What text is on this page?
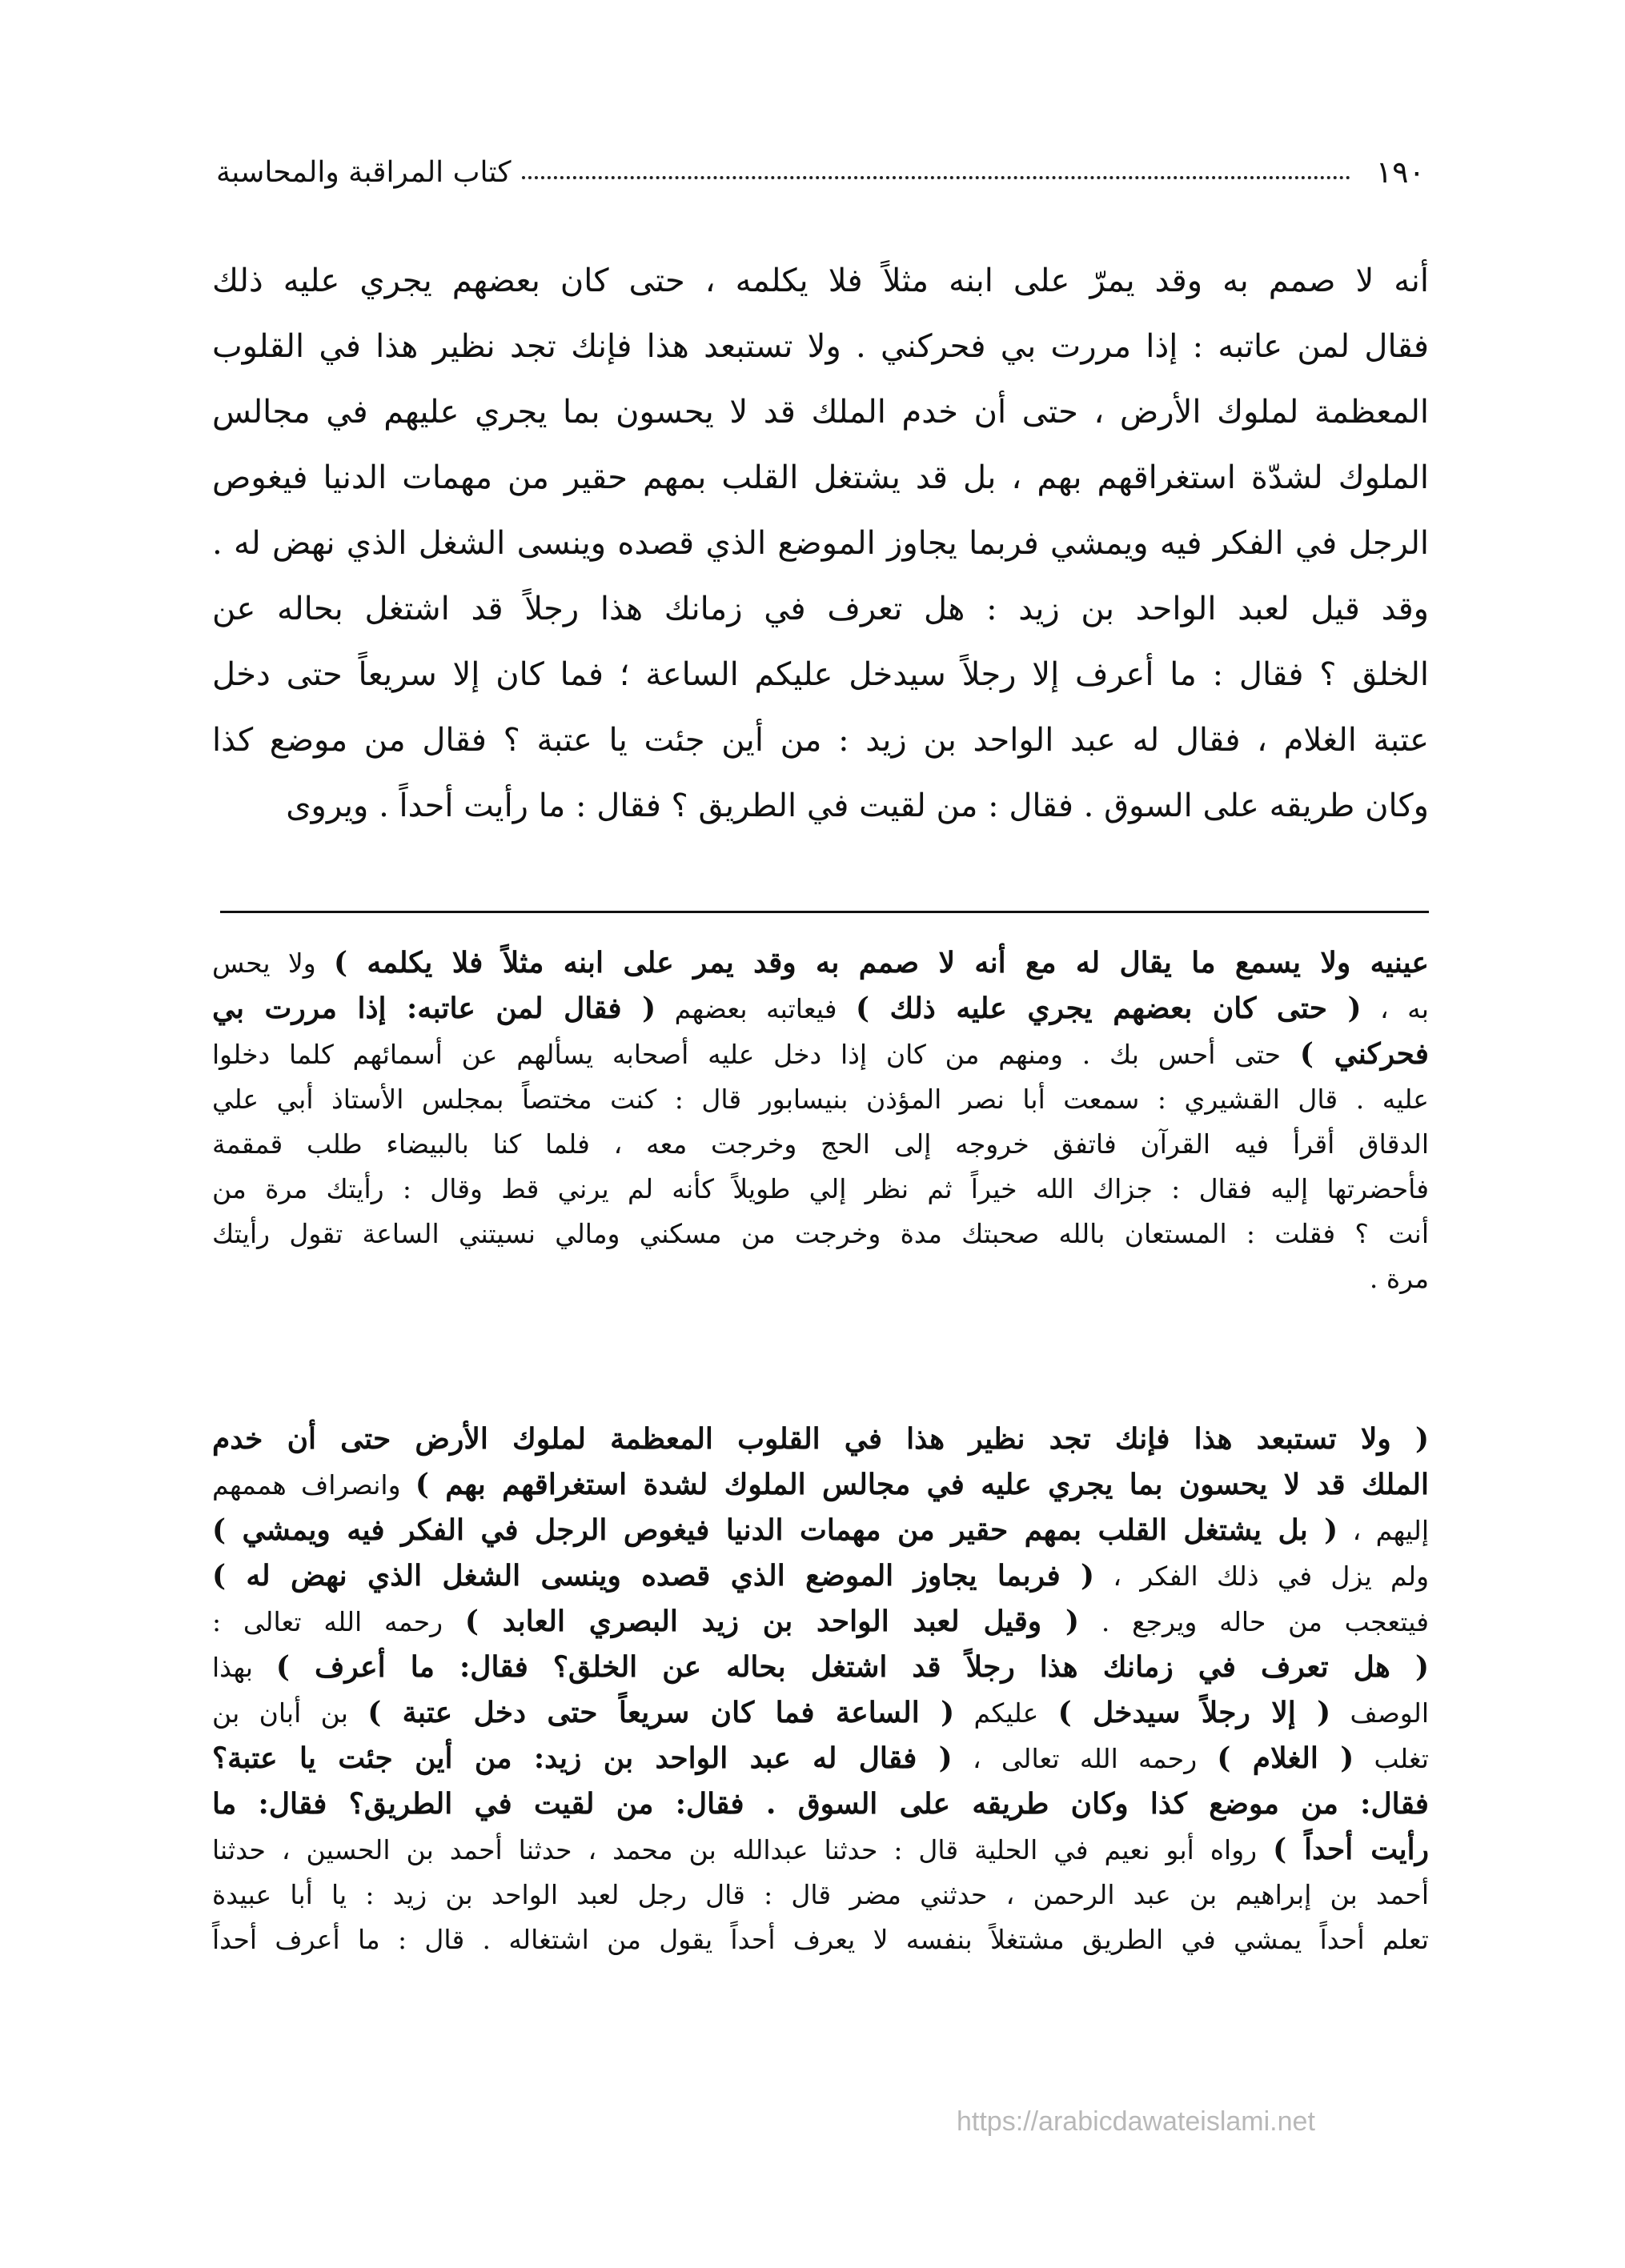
١٩٠
كتاب المراقبة والمحاسبة

أنه لا صمم به وقد يمرّ على ابنه مثلاً فلا يكلمه ، حتى كان بعضهم يجري عليه ذلك

فقال لمن عاتبه : إذا مررت بي فحركني . ولا تستبعد هذا فإنك تجد نظير هذا في القلوب

المعظمة لملوك الأرض ، حتى أن خدم الملك قد لا يحسون بما يجري عليهم في مجالس

الملوك لشدّة استغراقهم بهم ، بل قد يشتغل القلب بمهم حقير من مهمات الدنيا فيغوص

الرجل في الفكر فيه ويمشي فربما يجاوز الموضع الذي قصده وينسى الشغل الذي نهض له .

وقد قيل لعبد الواحد بن زيد : هل تعرف في زمانك هذا رجلاً قد اشتغل بحاله عن

الخلق ؟ فقال : ما أعرف إلا رجلاً سيدخل عليكم الساعة ؛ فما كان إلا سريعاً حتى دخل

عتبة الغلام ، فقال له عبد الواحد بن زيد : من أين جئت يا عتبة ؟ فقال من موضع كذا

وكان طريقه على السوق . فقال : من لقيت في الطريق ؟ فقال : ما رأيت أحداً . ويروى

عينيه ولا يسمع ما يقال له مع أنه لا صمم به وقد يمر على ابنه مثلاً فلا يكلمه ) ولا يحس

به ، ( حتى كان بعضهم يجري عليه ذلك ) فيعاتبه بعضهم ( فقال لمن عاتبه: إذا مررت بي

فحركني ) حتى أحس بك . ومنهم من كان إذا دخل عليه أصحابه يسألهم عن أسمائهم كلما دخلوا

عليه . قال القشيري : سمعت أبا نصر المؤذن بنيسابور قال : كنت مختصاً بمجلس الأستاذ أبي علي

الدقاق أقرأ فيه القرآن فاتفق خروجه إلى الحج وخرجت معه ، فلما كنا بالبيضاء طلب قمقمة

فأحضرتها إليه فقال : جزاك الله خيراً ثم نظر إلي طويلاً كأنه لم يرني قط وقال : رأيتك مرة من

أنت ؟ فقلت : المستعان بالله صحبتك مدة وخرجت من مسكني ومالي نسيتني الساعة تقول رأيتك

مرة .

( ولا تستبعد هذا فإنك تجد نظير هذا في القلوب المعظمة لملوك الأرض حتى أن خدم

الملك قد لا يحسون بما يجري عليه في مجالس الملوك لشدة استغراقهم بهم ) وانصراف هممهم

إليهم ، ( بل يشتغل القلب بمهم حقير من مهمات الدنيا فيغوص الرجل في الفكر فيه ويمشي )

ولم يزل في ذلك الفكر ، ( فربما يجاوز الموضع الذي قصده وينسى الشغل الذي نهض له )

فيتعجب من حاله ويرجع . ( وقيل لعبد الواحد بن زيد البصري العابد ) رحمه الله تعالى :

( هل تعرف في زمانك هذا رجلاً قد اشتغل بحاله عن الخلق؟ فقال: ما أعرف ) بهذا

الوصف ( إلا رجلاً سيدخل ) عليكم ( الساعة فما كان سريعاً حتى دخل عتبة ) بن أبان بن

تغلب ( الغلام ) رحمه الله تعالى ، ( فقال له عبد الواحد بن زيد: من أين جئت يا عتبة؟

فقال: من موضع كذا وكان طريقه على السوق . فقال: من لقيت في الطريق؟ فقال: ما

رأيت أحداً ) رواه أبو نعيم في الحلية قال : حدثنا عبدالله بن محمد ، حدثنا أحمد بن الحسين ، حدثنا

أحمد بن إبراهيم بن عبد الرحمن ، حدثني مضر قال : قال رجل لعبد الواحد بن زيد : يا أبا عبيدة

تعلم أحداً يمشي في الطريق مشتغلاً بنفسه لا يعرف أحداً يقول من اشتغاله . قال : ما أعرف أحداً

https://arabicdawateislami.net
